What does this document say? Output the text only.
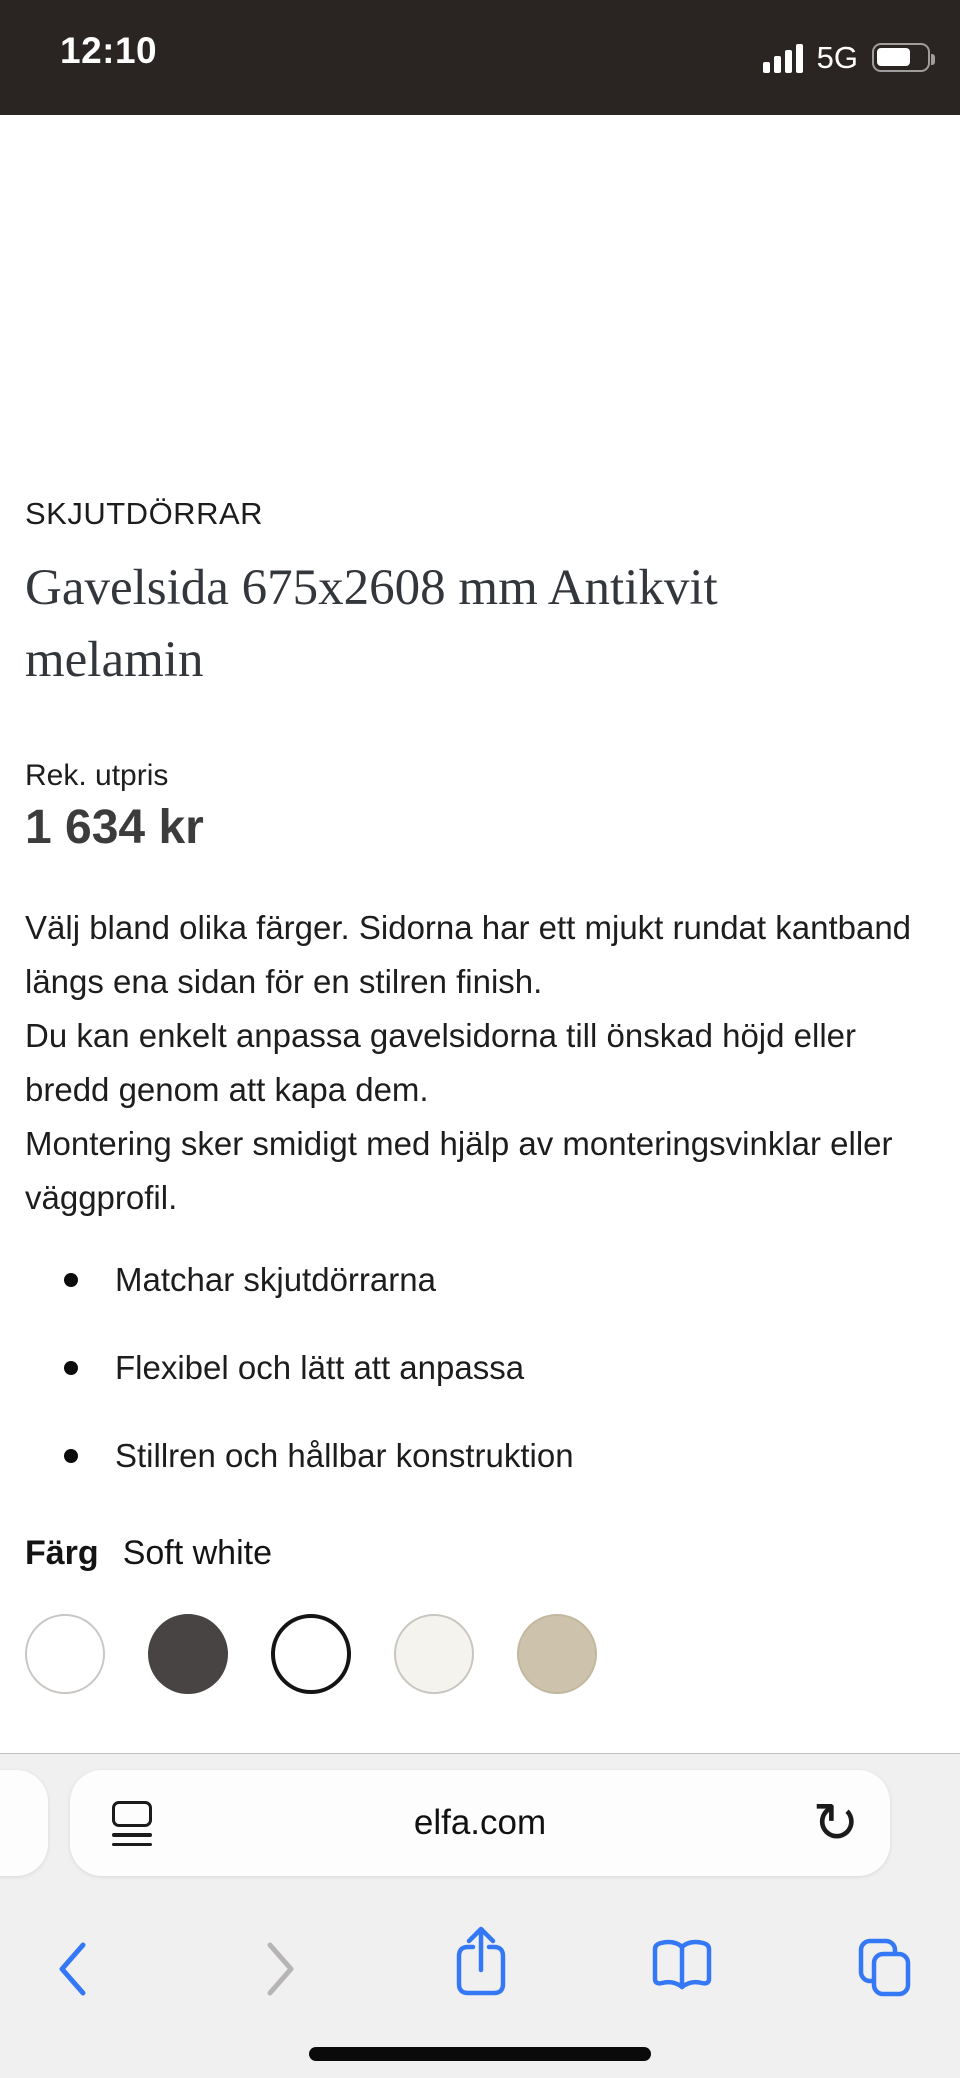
12:10	5G
SKJUTDÖRRAR
Gavelsida 675x2608 mm Antikvit melamin
Rek. utpris
1 634 kr

Välj bland olika färger. Sidorna har ett mjukt rundat kantband längs ena sidan för en stilren finish.

Du kan enkelt anpassa gavelsidorna till önskad höjd eller bredd genom att kapa dem.

Montering sker smidigt med hjälp av monteringsvinklar eller väggprofil.

Matchar skjutdörrarna
Flexibel och lätt att anpassa
Stillren och hållbar konstruktion
Färg Soft white
elfa.com	↻
